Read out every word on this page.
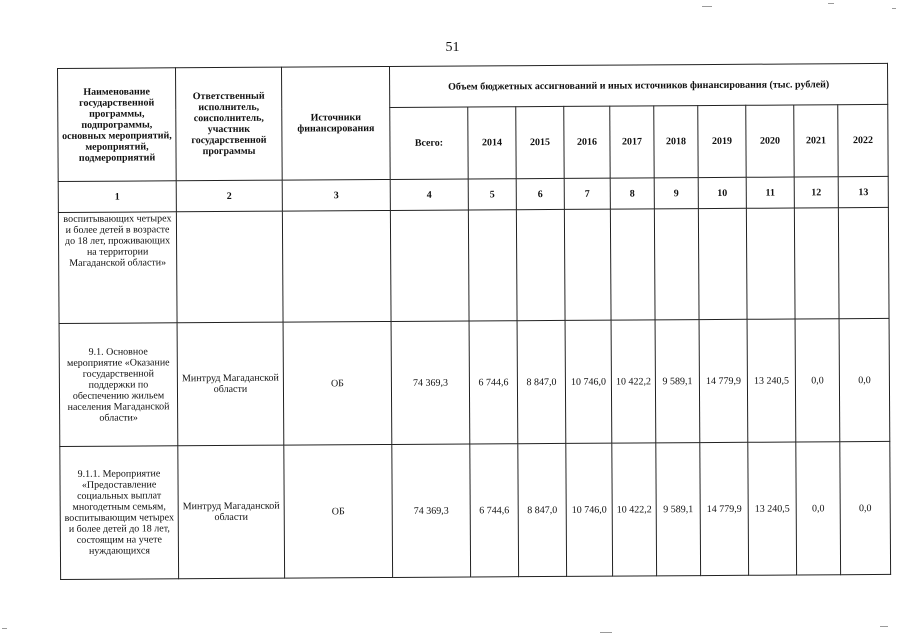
51
Наименование государственной программы, подпрограммы, основных мероприятий, мероприятий, подмероприятий	Ответственный исполнитель, соисполнитель, участник государственной программы	Источники финансирования	Объем бюджетных ассигнований и иных источников финансирования (тыс. рублей)									
			Всего:	2014	2015	2016	2017	2018	2019	2020	2021	2022
1	2	3	4	5	6	7	8	9	10	11	12	13
воспитывающих четырех и более детей в возрасте до 18 лет, проживающих на территории Магаданской области»												
9.1. Основное мероприятие «Оказание государственной поддержки по обеспечению жильем населения Магаданской области»	Минтруд Магаданской области	ОБ	74 369,3	6 744,6	8 847,0	10 746,0	10 422,2	9 589,1	14 779,9	13 240,5	0,0	0,0
9.1.1. Мероприятие «Предоставление социальных выплат многодетным семьям, воспитывающим четырех и более детей до 18 лет, состоящим на учете нуждающихся	Минтруд Магаданской области	ОБ	74 369,3	6 744,6	8 847,0	10 746,0	10 422,2	9 589,1	14 779,9	13 240,5	0,0	0,0
